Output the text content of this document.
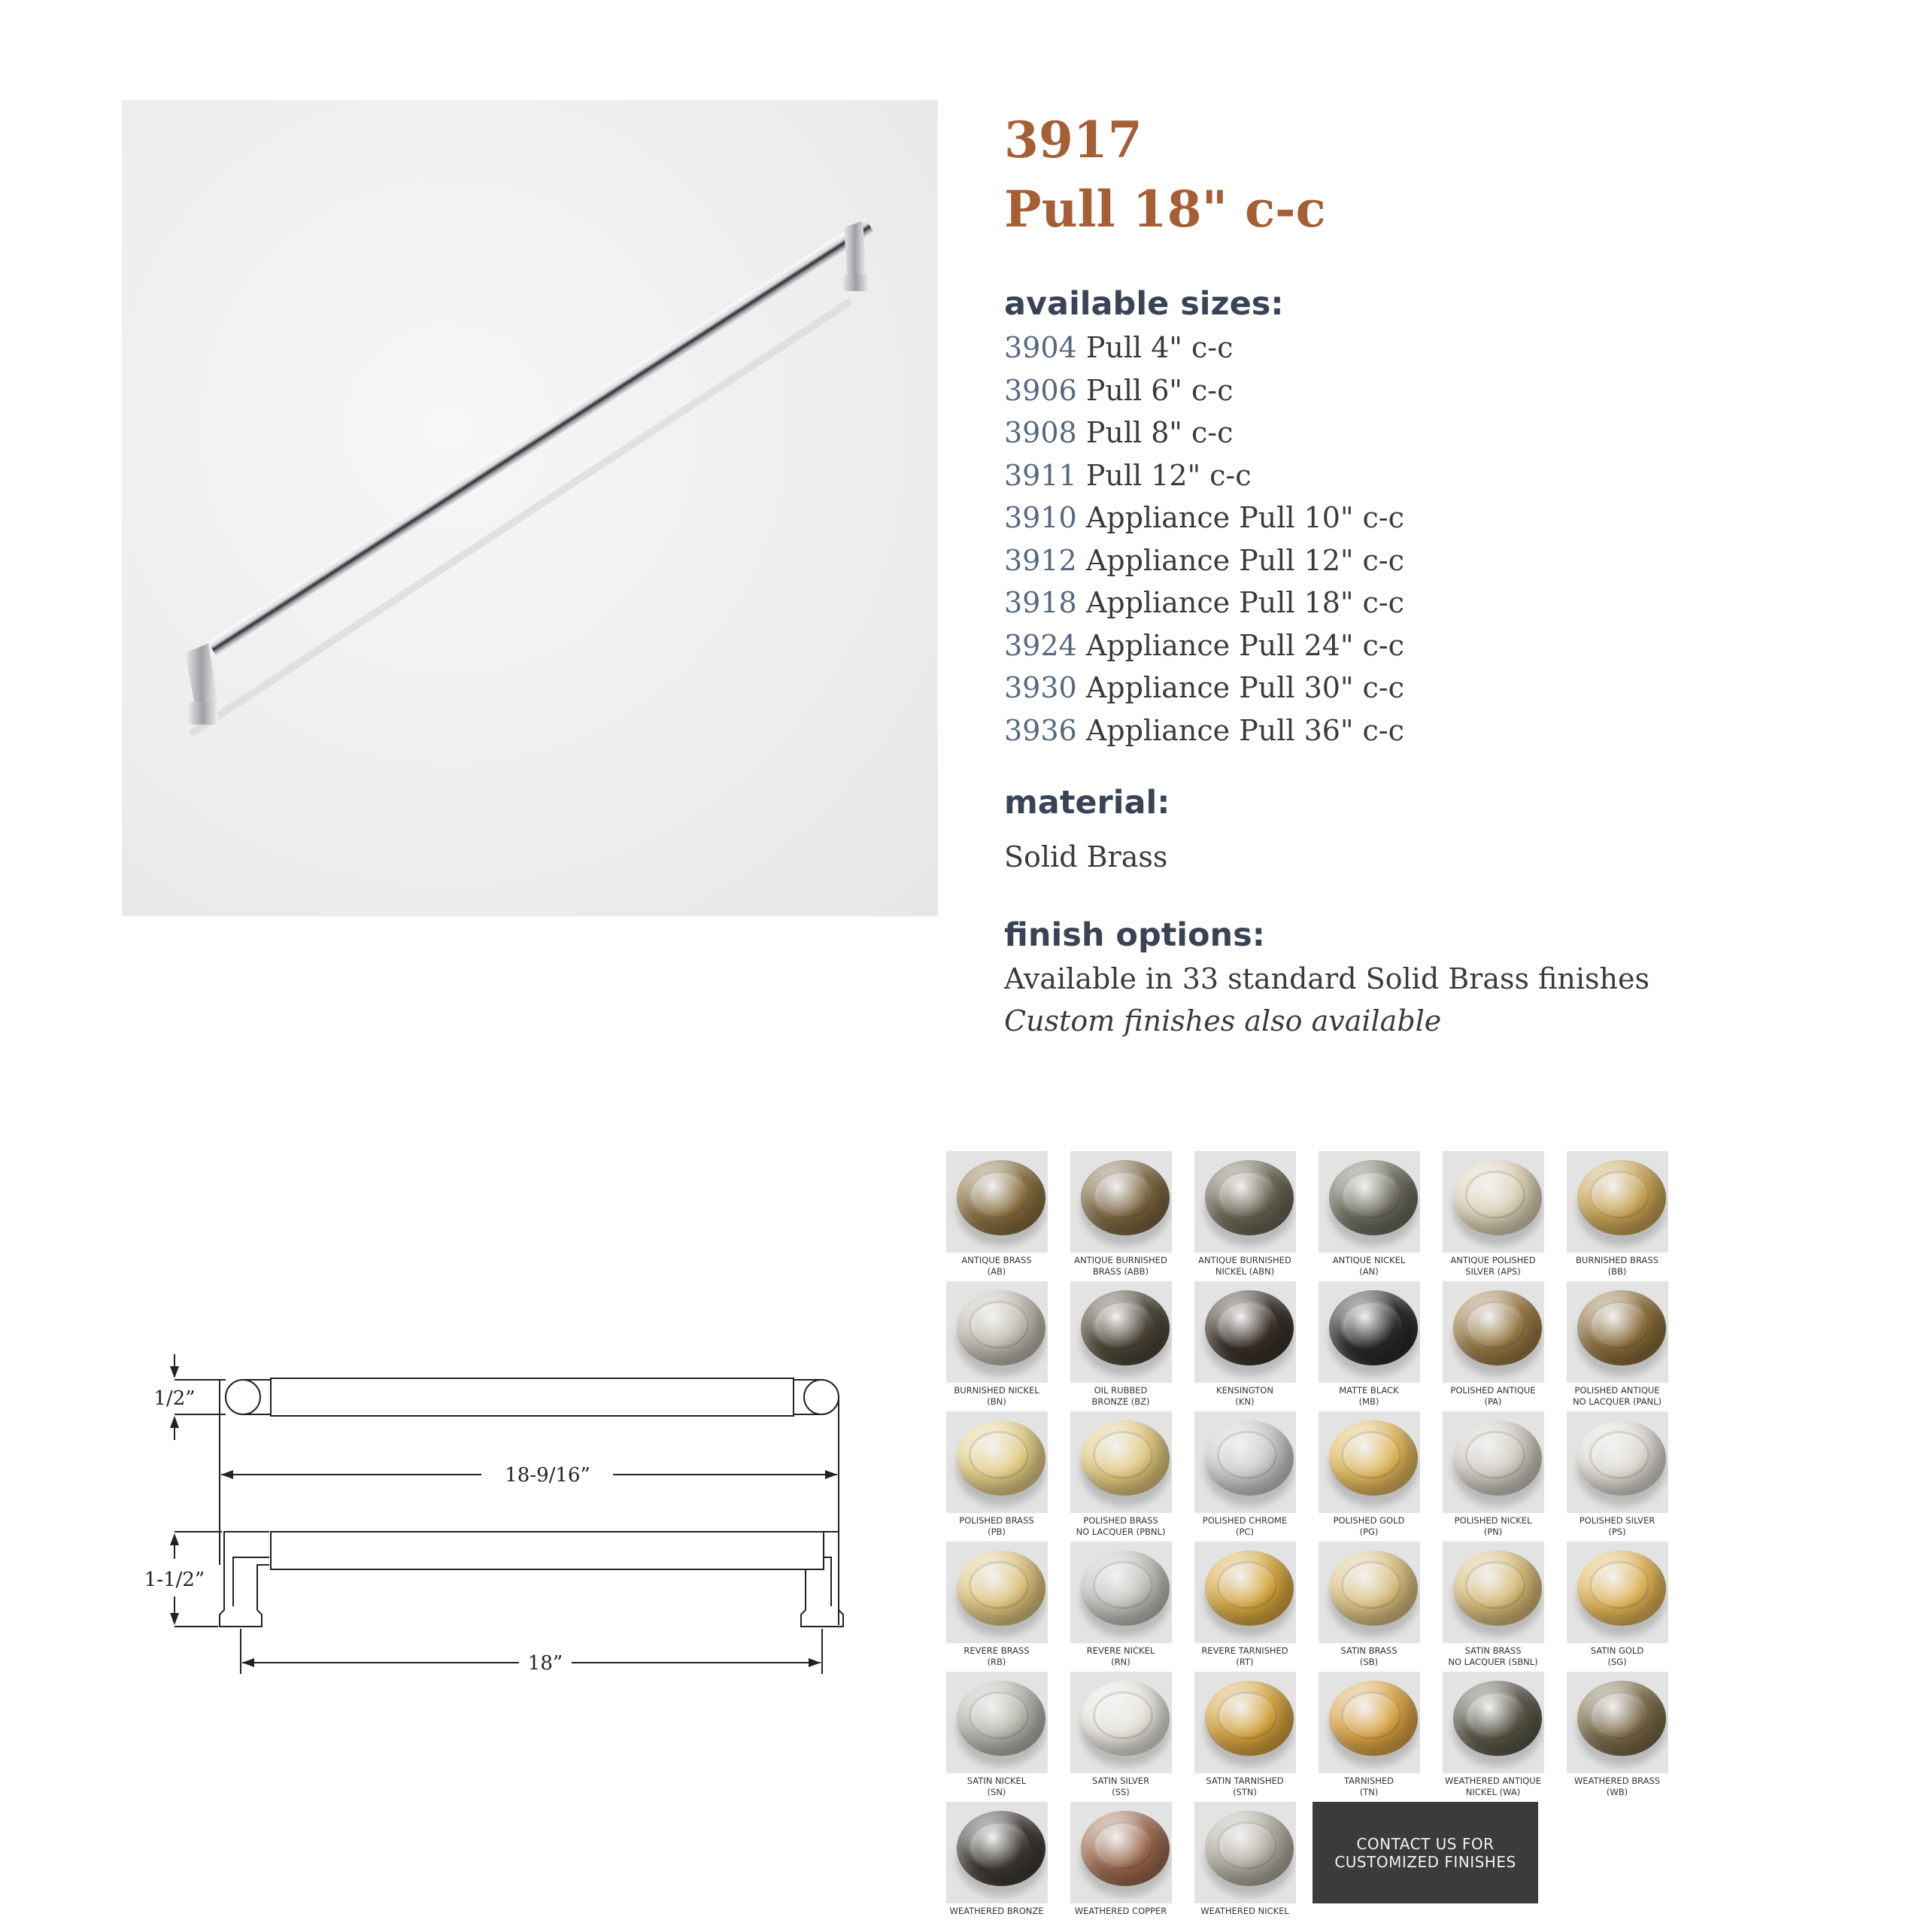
3917
Pull 18" c-c
available sizes:
3904 Pull 4" c-c
3906 Pull 6" c-c
3908 Pull 8" c-c
3911 Pull 12" c-c
3910 Appliance Pull 10" c-c
3912 Appliance Pull 12" c-c
3918 Appliance Pull 18" c-c
3924 Appliance Pull 24" c-c
3930 Appliance Pull 30" c-c
3936 Appliance Pull 36" c-c
material:

Solid Brass

finish options:

Available in 33 standard Solid Brass finishes

Custom finishes also available

1/2”
18-9/16”
1-1/2”
18”
ANTIQUE BRASS
(AB)
ANTIQUE BURNISHED
BRASS (ABB)
ANTIQUE BURNISHED
NICKEL (ABN)
ANTIQUE NICKEL
(AN)
ANTIQUE POLISHED
SILVER (APS)
BURNISHED BRASS
(BB)
BURNISHED NICKEL
(BN)
OIL RUBBED
BRONZE (BZ)
KENSINGTON
(KN)
MATTE BLACK
(MB)
POLISHED ANTIQUE
(PA)
POLISHED ANTIQUE
NO LACQUER (PANL)
POLISHED BRASS
(PB)
POLISHED BRASS
NO LACQUER (PBNL)
POLISHED CHROME
(PC)
POLISHED GOLD
(PG)
POLISHED NICKEL
(PN)
POLISHED SILVER
(PS)
REVERE BRASS
(RB)
REVERE NICKEL
(RN)
REVERE TARNISHED
(RT)
SATIN BRASS
(SB)
SATIN BRASS
NO LACQUER (SBNL)
SATIN GOLD
(SG)
SATIN NICKEL
(SN)
SATIN SILVER
(SS)
SATIN TARNISHED
(STN)
TARNISHED
(TN)
WEATHERED ANTIQUE
NICKEL (WA)
WEATHERED BRASS
(WB)
WEATHERED BRONZE	WEATHERED COPPER	WEATHERED NICKEL
CONTACT US FOR
CUSTOMIZED FINISHES
